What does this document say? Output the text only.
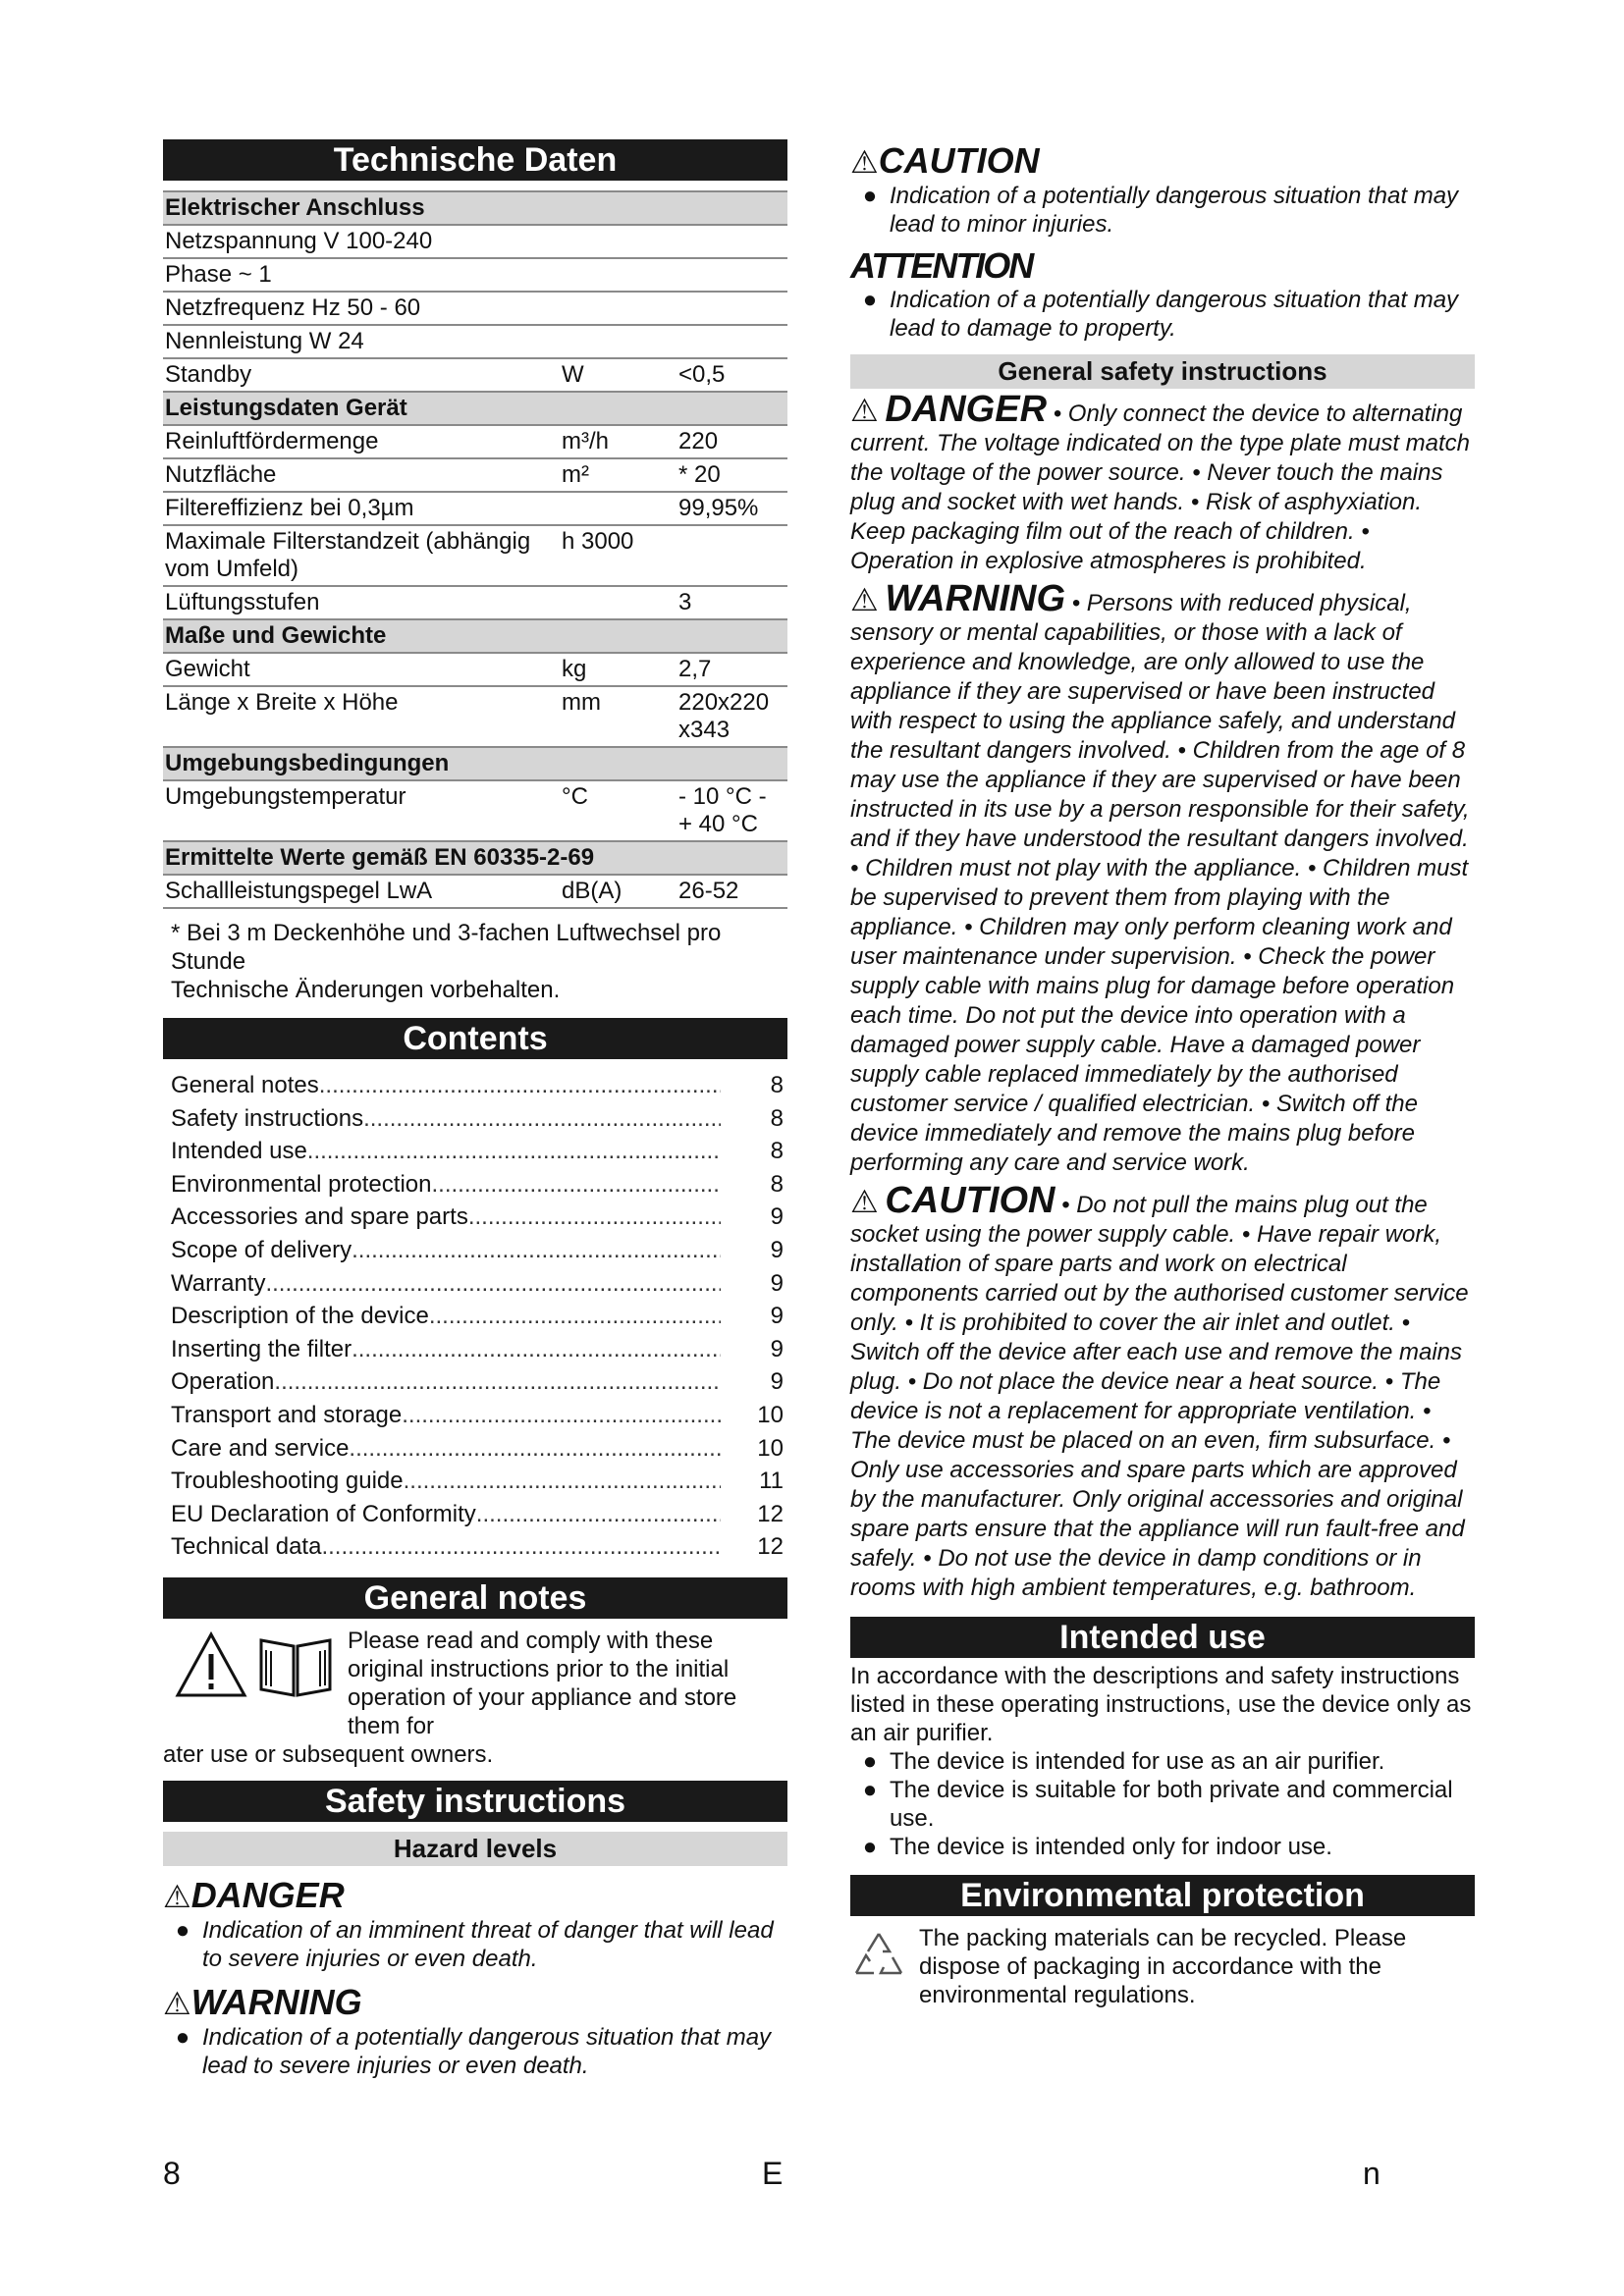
Technische Daten
Elektrischer Anschluss		
Netzspannung V 100-240		
Phase ~ 1		
Netzfrequenz Hz 50 - 60		
Nennleistung W 24		
Standby	W	<0,5
Leistungsdaten Gerät		
Reinluftfördermenge	m³/h	220
Nutzfläche	m²	* 20
Filtereffizienz bei 0,3µm		99,95%
Maximale Filterstandzeit (abhängig vom Umfeld)	h 3000	
Lüftungsstufen		3
Maße und Gewichte		
Gewicht	kg	2,7
Länge x Breite x Höhe	mm	220x220 x343
Umgebungsbedingungen		
Umgebungstemperatur	°C	- 10 °C - + 40 °C
Ermittelte Werte gemäß EN 60335-2-69		
Schallleistungspegel LwA	dB(A)	26-52
* Bei 3 m Deckenhöhe und 3-fachen Luftwechsel pro Stunde
Technische Änderungen vorbehalten.
Contents
General notes .....	8
Safety instructions .....	8
Intended use .....	8
Environmental protection .....	8
Accessories and spare parts .....	9
Scope of delivery .....	9
Warranty .....	9
Description of the device .....	9
Inserting the filter .....	9
Operation .....	9
Transport and storage .....	10
Care and service .....	10
Troubleshooting guide .....	11
EU Declaration of Conformity .....	12
Technical data .....	12
General notes
Please read and comply with these original instructions prior to the initial operation of your appliance and store them for
ater use or subsequent owners.
Safety instructions
Hazard levels
⚠DANGER
● Indication of an imminent threat of danger that will lead to severe injuries or even death.
⚠WARNING
● Indication of a potentially dangerous situation that may lead to severe injuries or even death.
⚠CAUTION
● Indication of a potentially dangerous situation that may lead to minor injuries.
ATTENTION
● Indication of a potentially dangerous situation that may lead to damage to property.
General safety instructions
⚠ DANGER • Only connect the device to alternating current. The voltage indicated on the type plate must match the voltage of the power source. • Never touch the mains plug and socket with wet hands. • Risk of asphyxiation. Keep packaging film out of the reach of children. • Operation in explosive atmospheres is prohibited.
⚠ WARNING • Persons with reduced physical, sensory or mental capabilities, or those with a lack of experience and knowledge, are only allowed to use the appliance if they are supervised or have been instructed with respect to using the appliance safely, and understand the resultant dangers involved. • Children from the age of 8 may use the appliance if they are supervised or have been instructed in its use by a person responsible for their safety, and if they have understood the resultant dangers involved. • Children must not play with the appliance. • Children must be supervised to prevent them from playing with the appliance. • Children may only perform cleaning work and user maintenance under supervision. • Check the power supply cable with mains plug for damage before operation each time. Do not put the device into operation with a damaged power supply cable. Have a damaged power supply cable replaced immediately by the authorised customer service / qualified electrician. • Switch off the device immediately and remove the mains plug before performing any care and service work.
⚠ CAUTION • Do not pull the mains plug out the socket using the power supply cable. • Have repair work, installation of spare parts and work on electrical components carried out by the authorised customer service only. • It is prohibited to cover the air inlet and outlet. • Switch off the device after each use and remove the mains plug. • Do not place the device near a heat source. • The device is not a replacement for appropriate ventilation. • The device must be placed on an even, firm subsurface. • Only use accessories and spare parts which are approved by the manufacturer. Only original accessories and original spare parts ensure that the appliance will run fault-free and safely. • Do not use the device in damp conditions or in rooms with high ambient temperatures, e.g. bathroom.
Intended use
In accordance with the descriptions and safety instructions listed in these operating instructions, use the device only as an air purifier.
● The device is intended for use as an air purifier.
● The device is suitable for both private and commercial use.
● The device is intended only for indoor use.
Environmental protection
The packing materials can be recycled. Please dispose of packaging in accordance with the environmental regulations.
8	E	n
